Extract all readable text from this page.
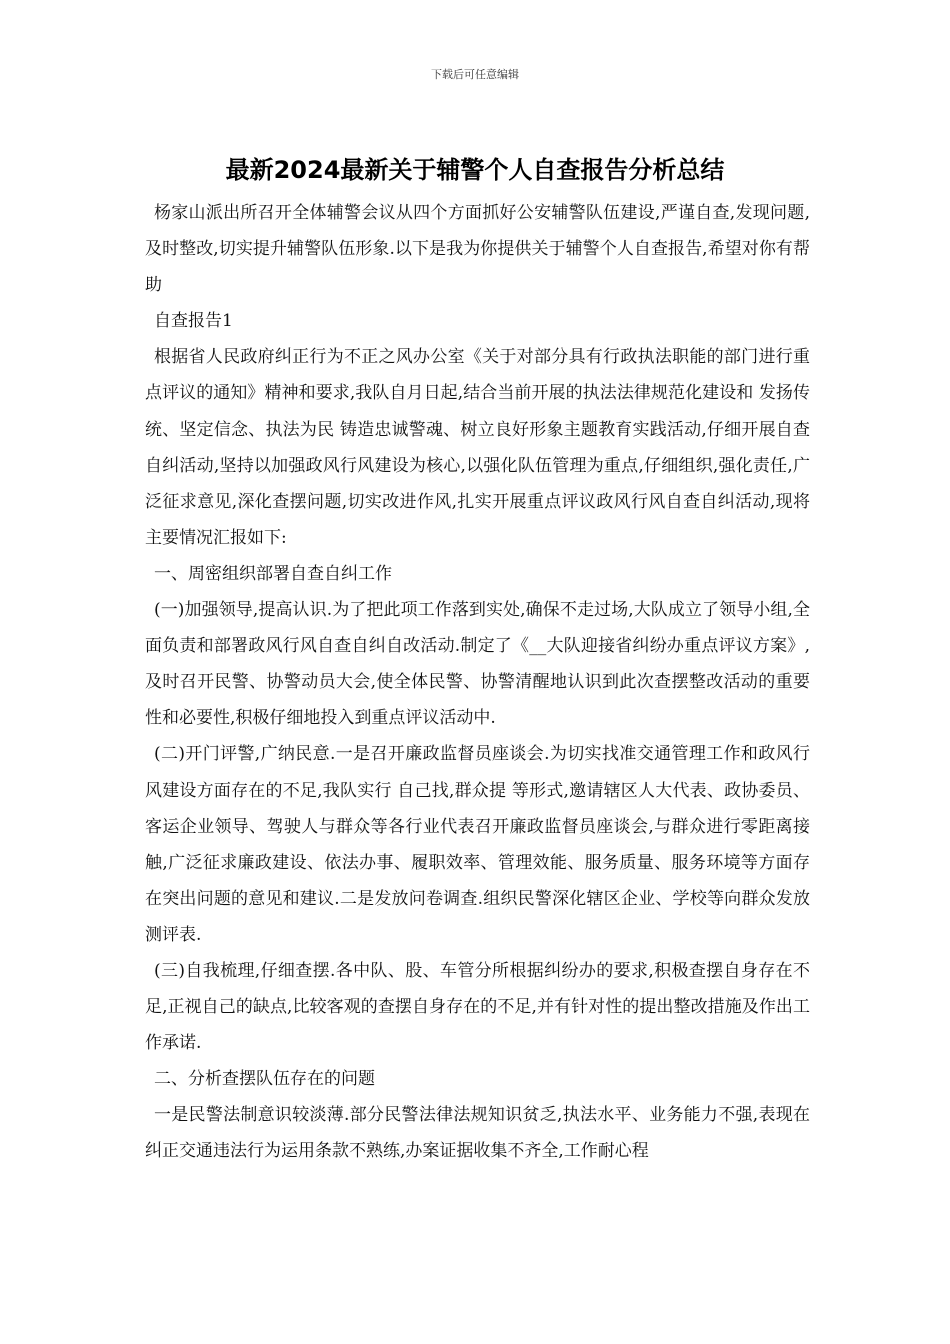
下载后可任意编辑
最新2024最新关于辅警个人自查报告分析总结

杨家山派出所召开全体辅警会议从四个方面抓好公安辅警队伍建设,严谨自查,发现问题,及时整改,切实提升辅警队伍形象.以下是我为你提供关于辅警个人自查报告,希望对你有帮助

自查报告1

根据省人民政府纠正行为不正之风办公室《关于对部分具有行政执法职能的部门进行重点评议的通知》精神和要求,我队自月日起,结合当前开展的执法法律规范化建设和 发扬传统、坚定信念、执法为民 铸造忠诚警魂、树立良好形象主题教育实践活动,仔细开展自查自纠活动,坚持以加强政风行风建设为核心,以强化队伍管理为重点,仔细组织,强化责任,广泛征求意见,深化查摆问题,切实改进作风,扎实开展重点评议政风行风自查自纠活动,现将主要情况汇报如下:

一、周密组织部署自查自纠工作

(一)加强领导,提高认识.为了把此项工作落到实处,确保不走过场,大队成立了领导小组,全面负责和部署政风行风自查自纠自改活动.制定了《__大队迎接省纠纷办重点评议方案》,及时召开民警、协警动员大会,使全体民警、协警清醒地认识到此次查摆整改活动的重要性和必要性,积极仔细地投入到重点评议活动中.

(二)开门评警,广纳民意.一是召开廉政监督员座谈会.为切实找准交通管理工作和政风行风建设方面存在的不足,我队实行 自己找,群众提 等形式,邀请辖区人大代表、政协委员、客运企业领导、驾驶人与群众等各行业代表召开廉政监督员座谈会,与群众进行零距离接触,广泛征求廉政建设、依法办事、履职效率、管理效能、服务质量、服务环境等方面存在突出问题的意见和建议.二是发放问卷调查.组织民警深化辖区企业、学校等向群众发放测评表.

(三)自我梳理,仔细查摆.各中队、股、车管分所根据纠纷办的要求,积极查摆自身存在不足,正视自己的缺点,比较客观的查摆自身存在的不足,并有针对性的提出整改措施及作出工作承诺.

二、分析查摆队伍存在的问题

一是民警法制意识较淡薄.部分民警法律法规知识贫乏,执法水平、业务能力不强,表现在纠正交通违法行为运用条款不熟练,办案证据收集不齐全,工作耐心程
